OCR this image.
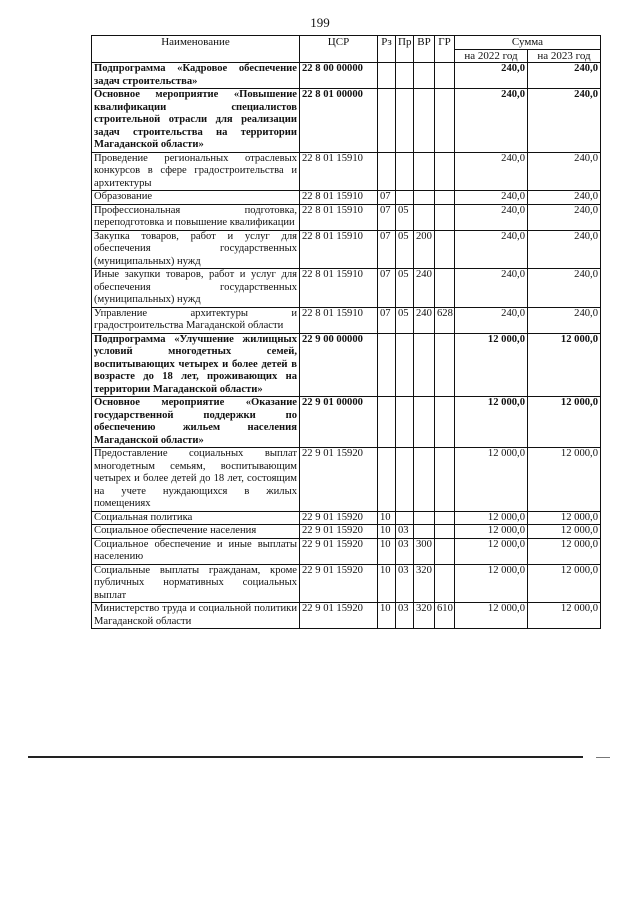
199
Наименование	ЦСР	Рз	Пр	ВР	ГР	Сумма	
						на 2022 год	на 2023 год
Подпрограмма «Кадровое обеспечение задач строительства»	22 8 00 00000					240,0	240,0
Основное мероприятие «Повышение квалификации специалистов строительной отрасли для реализации задач строительства на территории Магаданской области»	22 8 01 00000					240,0	240,0
Проведение региональных отраслевых конкурсов в сфере градостроительства и архитектуры	22 8 01 15910					240,0	240,0
Образование	22 8 01 15910	07				240,0	240,0
Профессиональная подготовка, переподготовка и повышение квалификации	22 8 01 15910	07	05			240,0	240,0
Закупка товаров, работ и услуг для обеспечения государственных (муниципальных) нужд	22 8 01 15910	07	05	200		240,0	240,0
Иные закупки товаров, работ и услуг для обеспечения государственных (муниципальных) нужд	22 8 01 15910	07	05	240		240,0	240,0
Управление архитектуры и градостроительства Магаданской области	22 8 01 15910	07	05	240	628	240,0	240,0
Подпрограмма «Улучшение жилищных условий многодетных семей, воспитывающих четырех и более детей в возрасте до 18 лет, проживающих на территории Магаданской области»	22 9 00 00000					12 000,0	12 000,0
Основное мероприятие «Оказание государственной поддержки по обеспечению жильем населения Магаданской области»	22 9 01 00000					12 000,0	12 000,0
Предоставление социальных выплат многодетным семьям, воспитывающим четырех и более детей до 18 лет, состоящим на учете нуждающихся в жилых помещениях	22 9 01 15920					12 000,0	12 000,0
Социальная политика	22 9 01 15920	10				12 000,0	12 000,0
Социальное обеспечение населения	22 9 01 15920	10	03			12 000,0	12 000,0
Социальное обеспечение и иные выплаты населению	22 9 01 15920	10	03	300		12 000,0	12 000,0
Социальные выплаты гражданам, кроме публичных нормативных социальных выплат	22 9 01 15920	10	03	320		12 000,0	12 000,0
Министерство труда и социальной политики Магаданской области	22 9 01 15920	10	03	320	610	12 000,0	12 000,0
